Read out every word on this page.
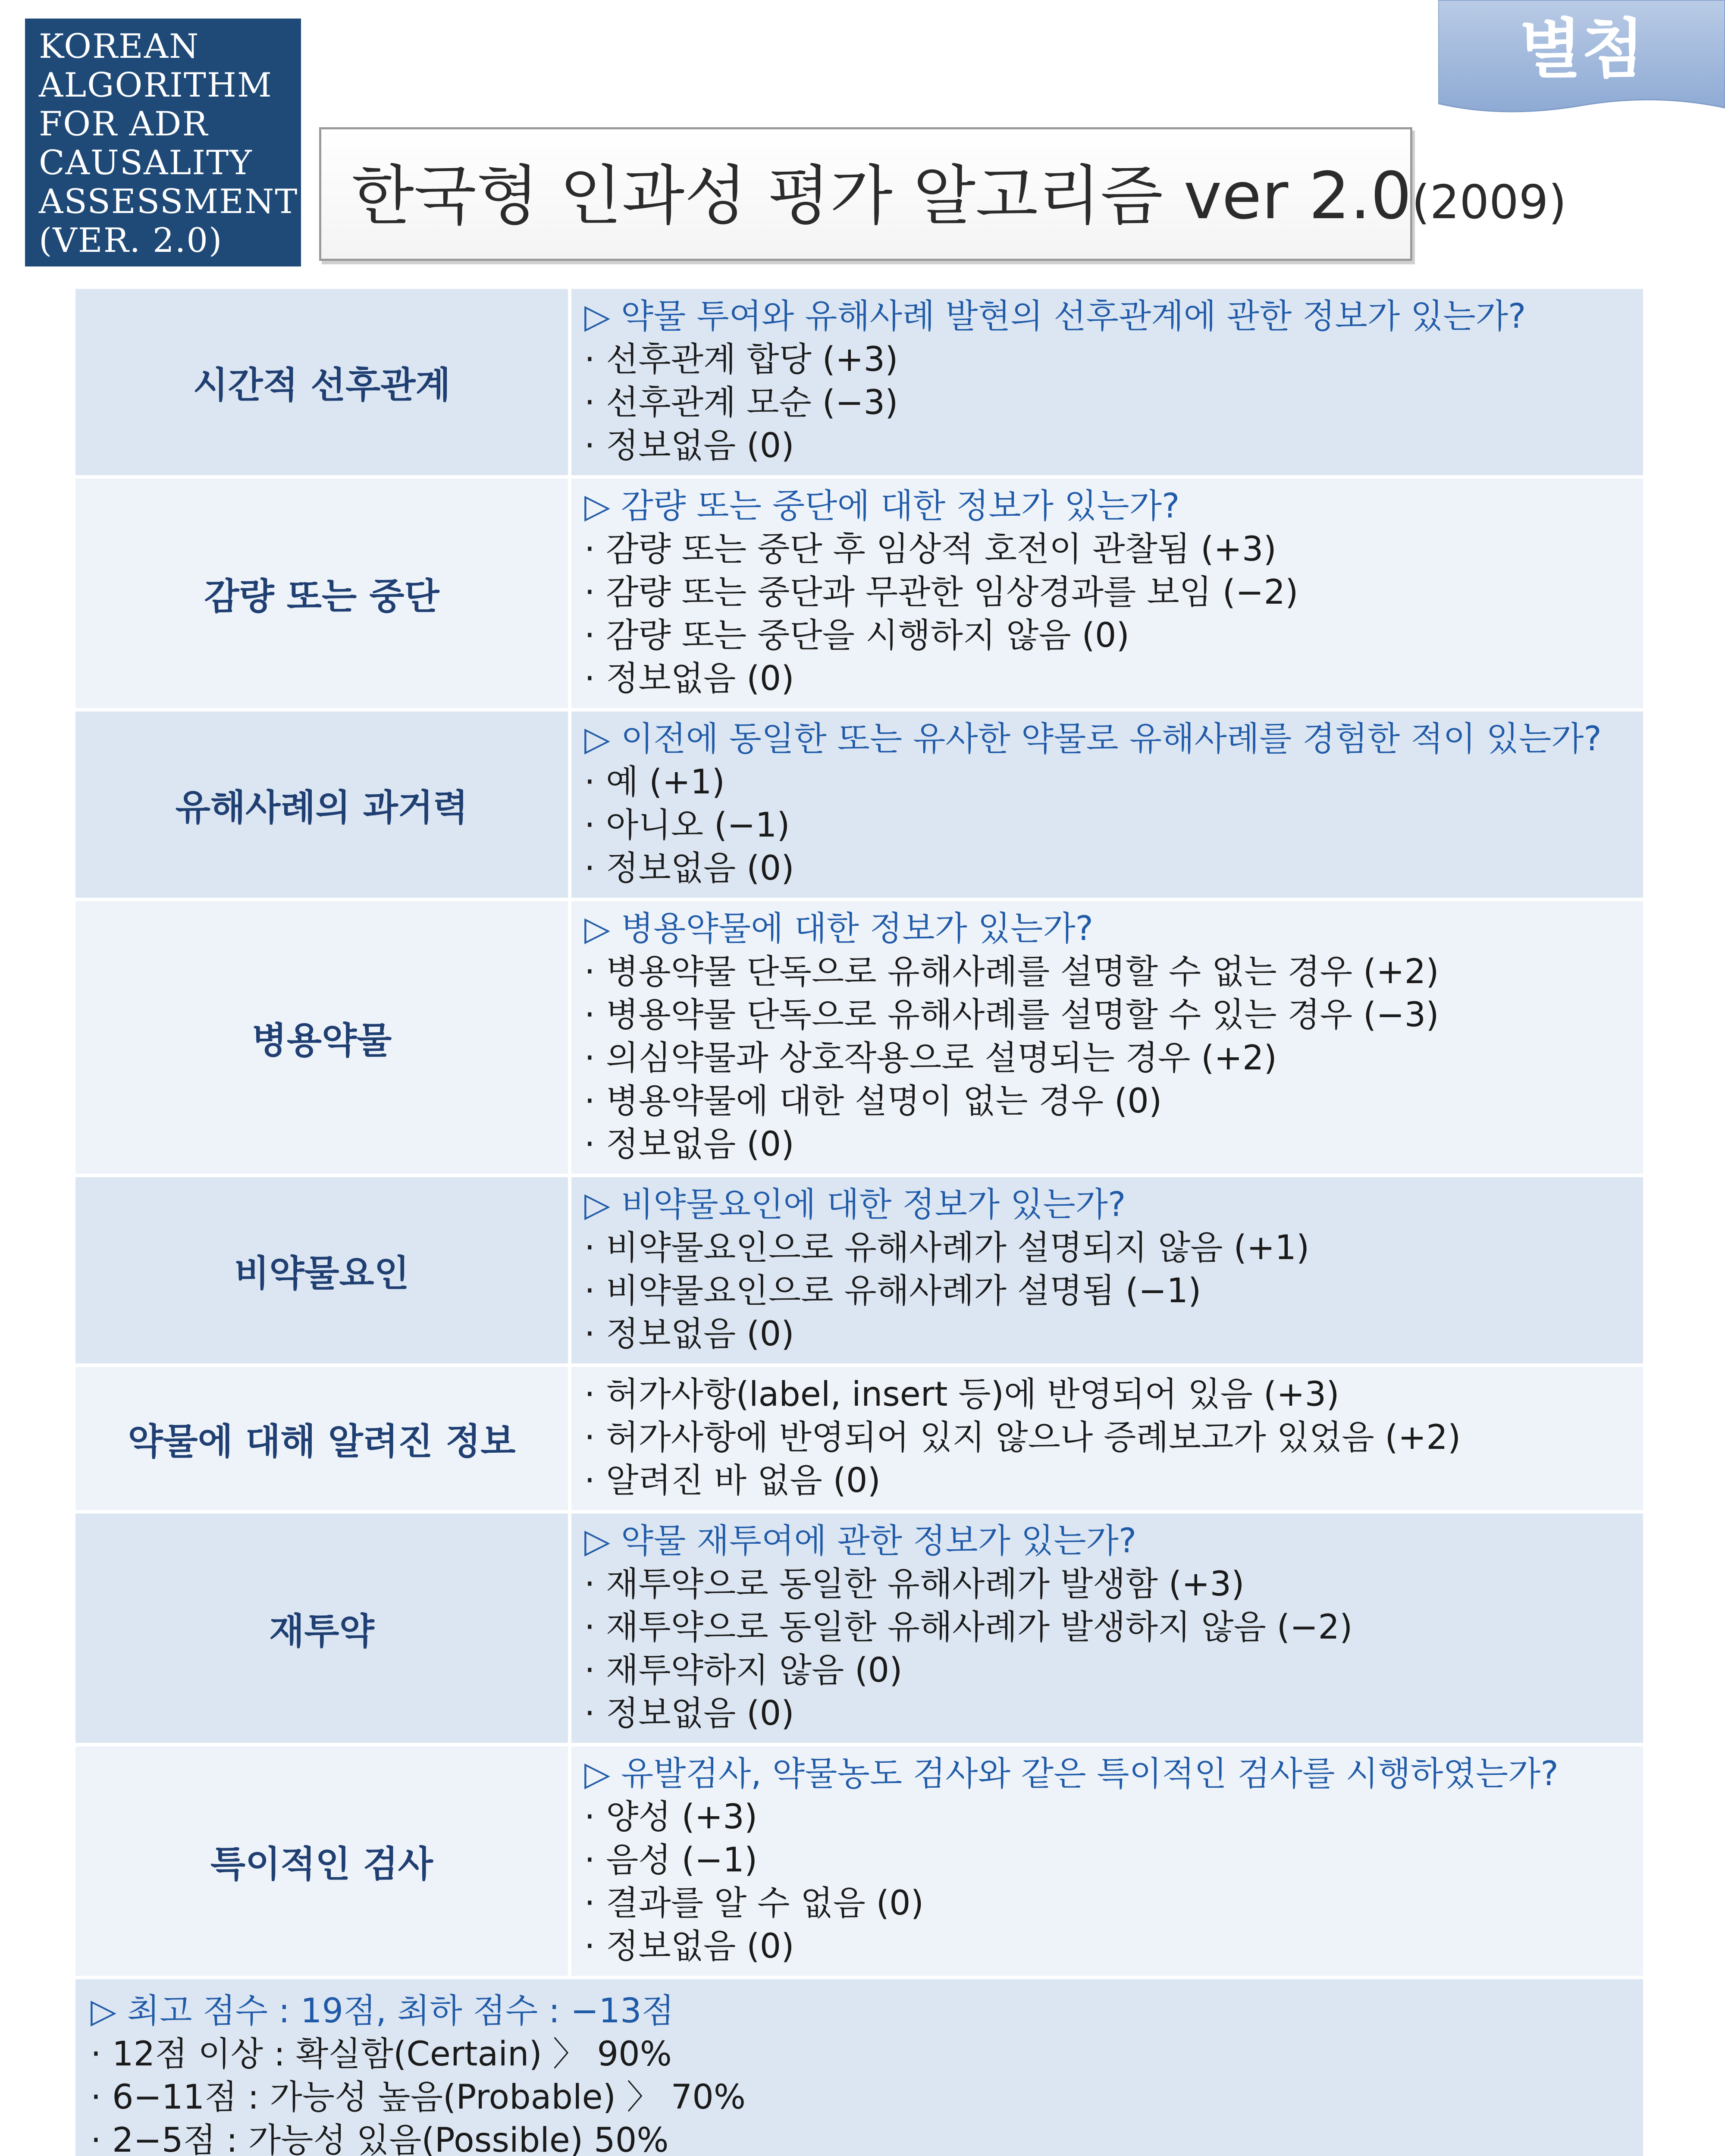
KOREAN
ALGORITHM
FOR ADR
CAUSALITY
ASSESSMENT
(VER. 2.0)
별첨
한국형 인과성 평가 알고리즘 ver 2.0(2009)
시간적 선후관계
▷ 약물 투여와 유해사례 발현의 선후관계에 관한 정보가 있는가?
· 선후관계 합당 (+3)
· 선후관계 모순 (−3)
· 정보없음 (0)
감량 또는 중단
▷ 감량 또는 중단에 대한 정보가 있는가?
· 감량 또는 중단 후 임상적 호전이 관찰됨 (+3)
· 감량 또는 중단과 무관한 임상경과를 보임 (−2)
· 감량 또는 중단을 시행하지 않음 (0)
· 정보없음 (0)
유해사례의 과거력
▷ 이전에 동일한 또는 유사한 약물로 유해사례를 경험한 적이 있는가?
· 예 (+1)
· 아니오 (−1)
· 정보없음 (0)
병용약물
▷ 병용약물에 대한 정보가 있는가?
· 병용약물 단독으로 유해사례를 설명할 수 없는 경우 (+2)
· 병용약물 단독으로 유해사례를 설명할 수 있는 경우 (−3)
· 의심약물과 상호작용으로 설명되는 경우 (+2)
· 병용약물에 대한 설명이 없는 경우 (0)
· 정보없음 (0)
비약물요인
▷ 비약물요인에 대한 정보가 있는가?
· 비약물요인으로 유해사례가 설명되지 않음 (+1)
· 비약물요인으로 유해사례가 설명됨 (−1)
· 정보없음 (0)
약물에 대해 알려진 정보
· 허가사항(label, insert 등)에 반영되어 있음 (+3)
· 허가사항에 반영되어 있지 않으나 증례보고가 있었음 (+2)
· 알려진 바 없음 (0)
재투약
▷ 약물 재투여에 관한 정보가 있는가?
· 재투약으로 동일한 유해사례가 발생함 (+3)
· 재투약으로 동일한 유해사례가 발생하지 않음 (−2)
· 재투약하지 않음 (0)
· 정보없음 (0)
특이적인 검사
▷ 유발검사, 약물농도 검사와 같은 특이적인 검사를 시행하였는가?
· 양성 (+3)
· 음성 (−1)
· 결과를 알 수 없음 (0)
· 정보없음 (0)
▷ 최고 점수 : 19점, 최하 점수 : −13점
· 12점 이상 : 확실함(Certain) 〉 90%
· 6−11점 : 가능성 높음(Probable) 〉 70%
· 2−5점 : 가능성 있음(Possible) 50%
